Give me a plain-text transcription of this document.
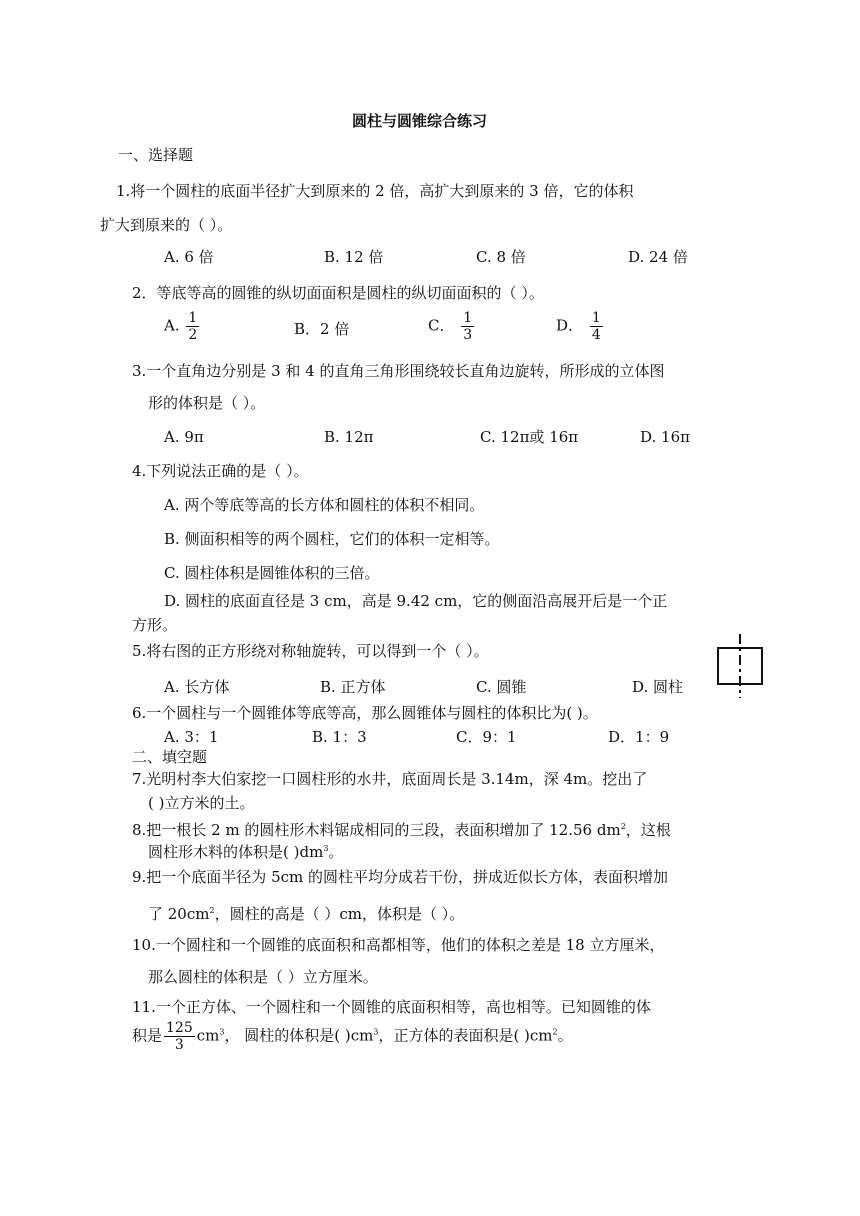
圆柱与圆锥综合练习
一、选择题
1.将一个圆柱的底面半径扩大到原来的 2 倍，高扩大到原来的 3 倍，它的体积
扩大到原来的（ ）。
A. 6 倍	B. 12 倍	C. 8 倍	D. 24 倍
2．等底等高的圆锥的纵切面面积是圆柱的纵切面面积的（ ）。
A. $\frac{1}{2}$	B．2 倍	C． $\frac{1}{3}$	D． $\frac{1}{4}$
3.一个直角边分别是 3 和 4 的直角三角形围绕较长直角边旋转，所形成的立体图
形的体积是（ ）。
A. 9π	B. 12π	C. 12π或 16π	D. 16π
4.下列说法正确的是（ ）。
A. 两个等底等高的长方体和圆柱的体积不相同。
B. 侧面积相等的两个圆柱，它们的体积一定相等。
C. 圆柱体积是圆锥体积的三倍。
D. 圆柱的底面直径是 3 cm，高是 9.42 cm，它的侧面沿高展开后是一个正
方形。
5.将右图的正方形绕对称轴旋转，可以得到一个（ ）。
A. 长方体	B. 正方体	C. 圆锥	D. 圆柱
6.一个圆柱与一个圆锥体等底等高，那么圆锥体与圆柱的体积比为( )。
A. 3：1	B. 1：3	C．9：1	D．1：9
二、填空题
7.光明村李大伯家挖一口圆柱形的水井，底面周长是 3.14m，深 4m。挖出了
( )立方米的土。
8.把一根长 2 m 的圆柱形木料锯成相同的三段，表面积增加了 12.56 $dm^2$，这根
圆柱形木料的体积是( )$dm^3$。
9.把一个底面半径为 5cm 的圆柱平均分成若干份，拼成近似长方体，表面积增加
了 $20cm^2$，圆柱的高是（ ）cm，体积是（ ）。
10.一个圆柱和一个圆锥的底面积和高都相等，他们的体积之差是 18 立方厘米，
那么圆柱的体积是（ ）立方厘米。
11.一个正方体、一个圆柱和一个圆锥的底面积相等，高也相等。已知圆锥的体
积是 $\frac{125}{3} cm^3$， 圆柱的体积是( )$cm^3$，正方体的表面积是( )$cm^2$。
